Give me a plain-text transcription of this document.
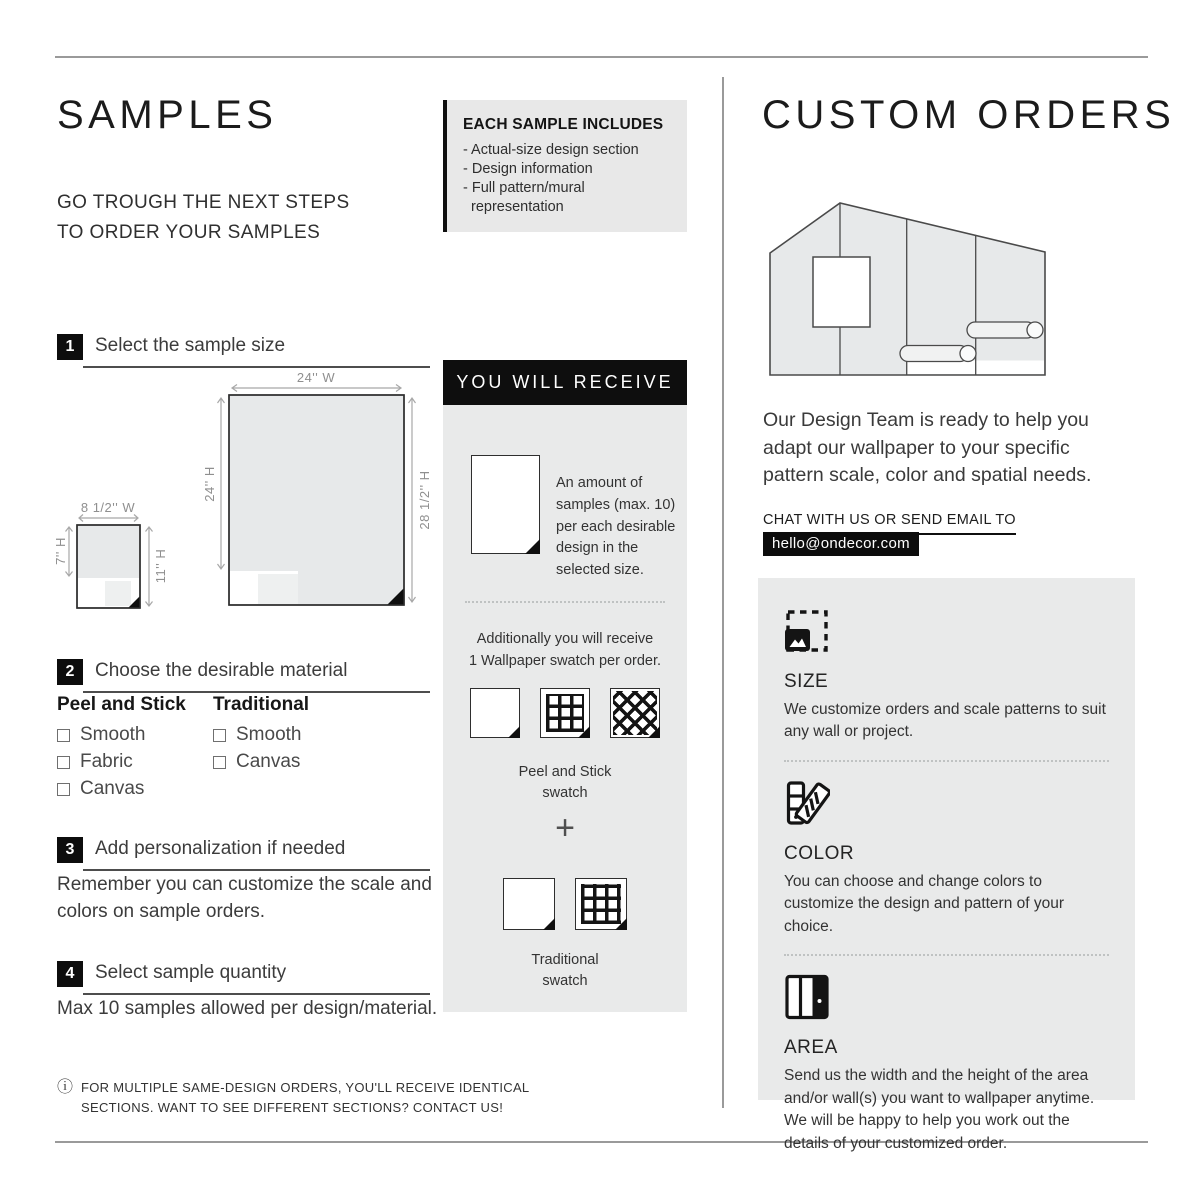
SAMPLES
GO TROUGH THE NEXT STEPS
TO ORDER YOUR SAMPLES
1	Select the sample size
24'' W
24'' H	28 1/2'' H
8 1/2'' W
7'' H	11'' H
2	Choose the desirable material
Peel and Stick
Smooth
Fabric
Canvas
Traditional
Smooth
Canvas
3	Add personalization if needed
Remember you can customize the scale and colors on sample orders.
4	Select sample quantity
Max 10 samples allowed per design/material.
ⓘ FOR MULTIPLE SAME-DESIGN ORDERS, YOU'LL RECEIVE IDENTICAL
SECTIONS. WANT TO SEE DIFFERENT SECTIONS? CONTACT US!
EACH SAMPLE INCLUDES
- Actual-size design section
- Design information
- Full pattern/mural representation
YOU WILL RECEIVE
An amount of samples (max. 10) per each desirable design in the selected size.
Additionally you will receive
1 Wallpaper swatch per order.
Peel and Stick
swatch
+
Traditional
swatch
CUSTOM ORDERS
Our Design Team is ready to help you adapt our wallpaper to your specific pattern scale, color and spatial needs.
CHAT WITH US OR SEND EMAIL TO
hello@ondecor.com
SIZE
We customize orders and scale patterns to suit any wall or project.
COLOR
You can choose and change colors to customize the design and pattern of your choice.
AREA
Send us the width and the height of the area and/or wall(s) you want to wallpaper anytime. We will be happy to help you work out the details of your customized order.
